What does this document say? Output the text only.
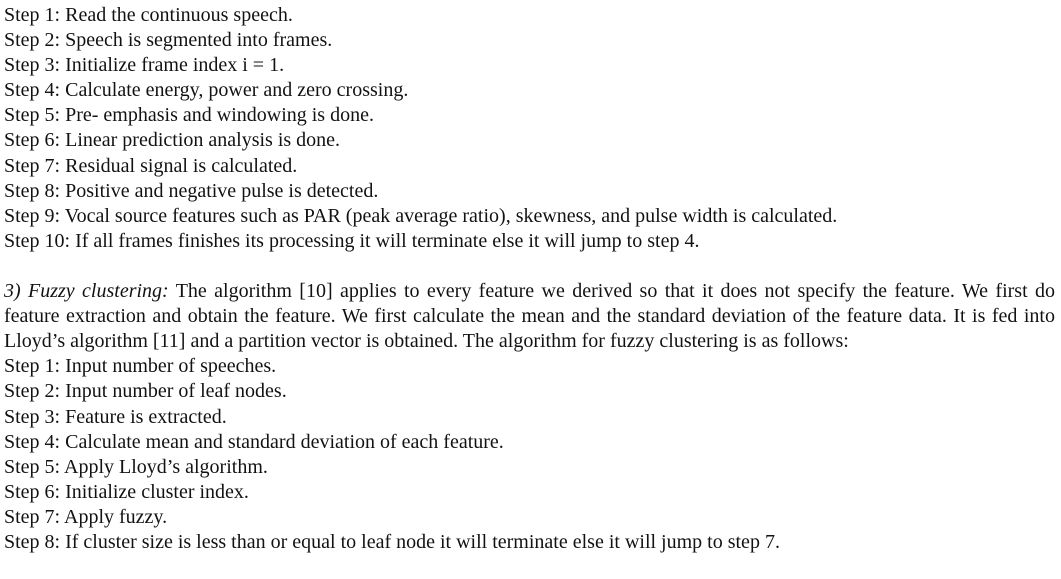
Step 1: Read the continuous speech.
Step 2: Speech is segmented into frames.
Step 3: Initialize frame index i = 1.
Step 4: Calculate energy, power and zero crossing.
Step 5: Pre- emphasis and windowing is done.
Step 6: Linear prediction analysis is done.
Step 7: Residual signal is calculated.
Step 8: Positive and negative pulse is detected.
Step 9: Vocal source features such as PAR (peak average ratio), skewness, and pulse width is calculated.
Step 10: If all frames finishes its processing it will terminate else it will jump to step 4.

3) Fuzzy clustering: The algorithm [10] applies to every feature we derived so that it does not specify the feature. We first do feature extraction and obtain the feature. We first calculate the mean and the standard deviation of the feature data. It is fed into Lloyd’s algorithm [11] and a partition vector is obtained. The algorithm for fuzzy clustering is as follows:

Step 1: Input number of speeches.
Step 2: Input number of leaf nodes.
Step 3: Feature is extracted.
Step 4: Calculate mean and standard deviation of each feature.
Step 5: Apply Lloyd’s algorithm.
Step 6: Initialize cluster index.
Step 7: Apply fuzzy.
Step 8: If cluster size is less than or equal to leaf node it will terminate else it will jump to step 7.
